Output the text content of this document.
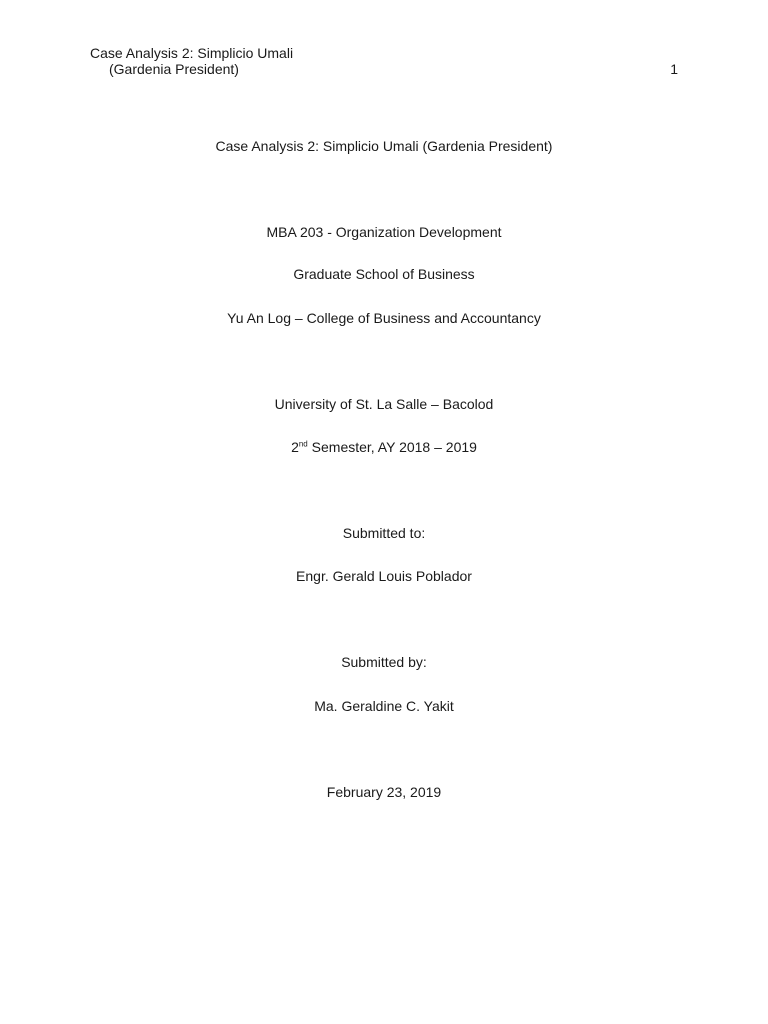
Case Analysis 2: Simplicio Umali
(Gardenia President)	1
Case Analysis 2: Simplicio Umali (Gardenia President)
MBA 203 - Organization Development
Graduate School of Business
Yu An Log – College of Business and Accountancy
University of St. La Salle – Bacolod
2nd Semester, AY 2018 – 2019
Submitted to:
Engr. Gerald Louis Poblador
Submitted by:
Ma. Geraldine C. Yakit
February 23, 2019
